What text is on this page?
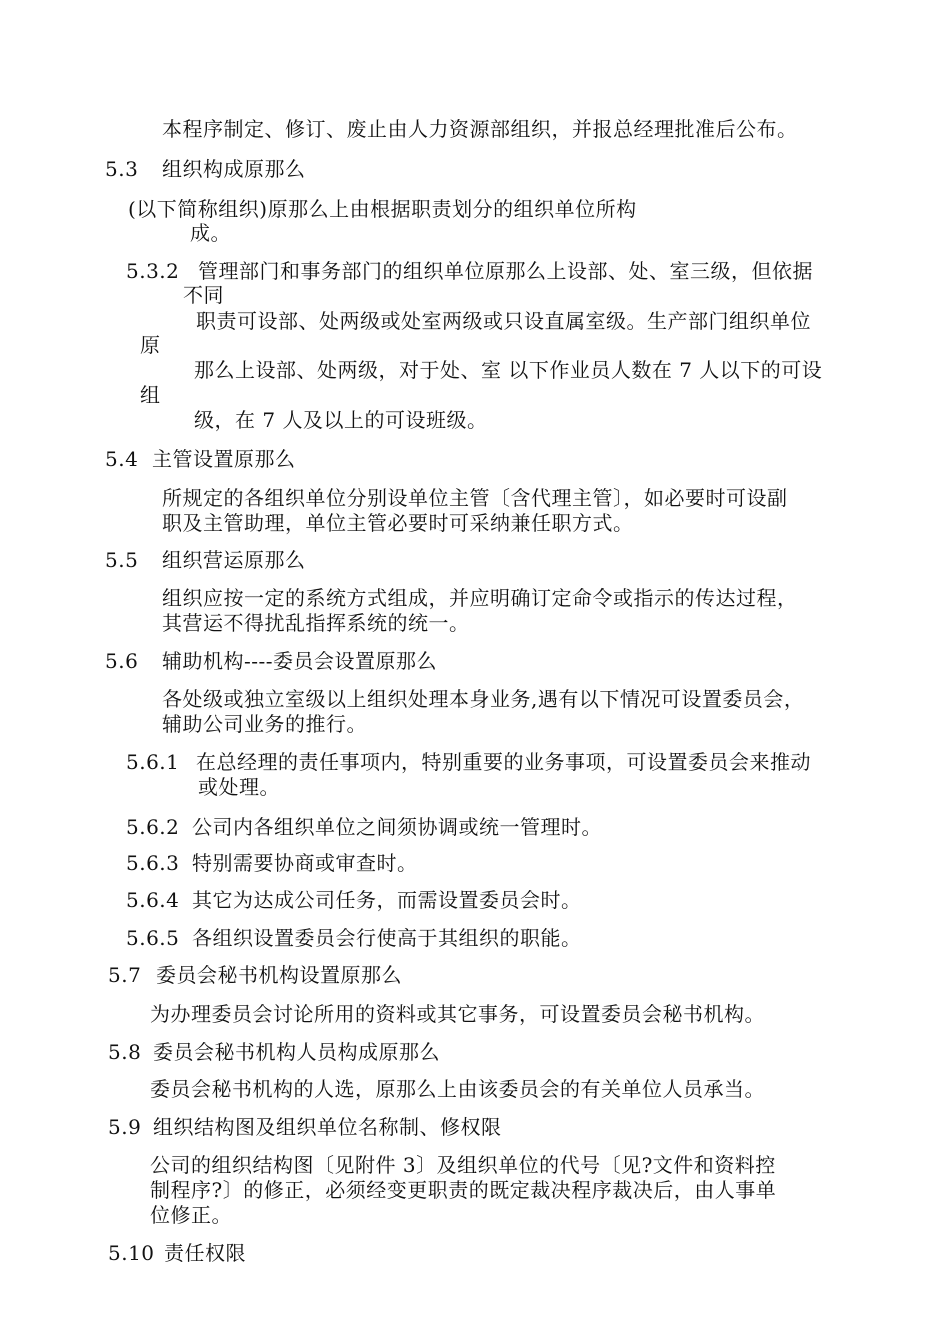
本程序制定、修订、废止由人力资源部组织，并报总经理批准后公布。
5.3 组织构成原那么
(以下简称组织)原那么上由根据职责划分的组织单位所构
成。
5.3.2 管理部门和事务部门的组织单位原那么上设部、处、室三级，但依据
不同
职责可设部、处两级或处室两级或只设直属室级。生产部门组织单位
原
那么上设部、处两级，对于处、室 以下作业员人数在 7 人以下的可设
组
级，在 7 人及以上的可设班级。
5.4 主管设置原那么
所规定的各组织单位分别设单位主管〔含代理主管〕，如必要时可设副
职及主管助理，单位主管必要时可采纳兼任职方式。
5.5 组织营运原那么
组织应按一定的系统方式组成，并应明确订定命令或指示的传达过程，
其营运不得扰乱指挥系统的统一。
5.6 辅助机构----委员会设置原那么
各处级或独立室级以上组织处理本身业务,遇有以下情况可设置委员会，
辅助公司业务的推行。
5.6.1 在总经理的责任事项内，特别重要的业务事项，可设置委员会来推动
或处理。
5.6.2 公司内各组织单位之间须协调或统一管理时。
5.6.3 特别需要协商或审查时。
5.6.4 其它为达成公司任务，而需设置委员会时。
5.6.5 各组织设置委员会行使高于其组织的职能。
5.7 委员会秘书机构设置原那么
为办理委员会讨论所用的资料或其它事务，可设置委员会秘书机构。
5.8 委员会秘书机构人员构成原那么
委员会秘书机构的人选，原那么上由该委员会的有关单位人员承当。
5.9 组织结构图及组织单位名称制、修权限
公司的组织结构图〔见附件 3〕及组织单位的代号〔见?文件和资料控
制程序?〕的修正，必须经变更职责的既定裁决程序裁决后，由人事单
位修正。
5.10 责任权限
